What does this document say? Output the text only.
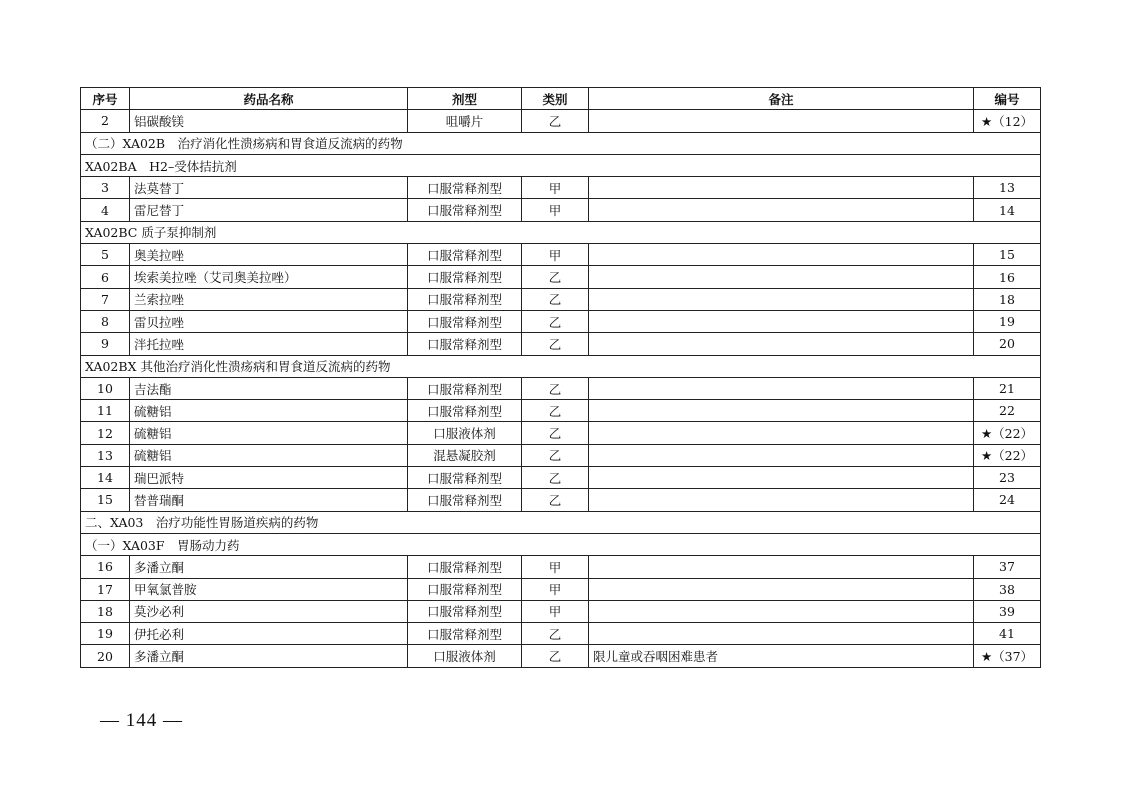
序号	药品名称	剂型	类别	备注	编号
2	铝碳酸镁	咀嚼片	乙		★（12）
（二）XA02B　治疗消化性溃疡病和胃食道反流病的药物					
XA02BA　H2–受体拮抗剂					
3	法莫替丁	口服常释剂型	甲		13
4	雷尼替丁	口服常释剂型	甲		14
XA02BC 质子泵抑制剂					
5	奥美拉唑	口服常释剂型	甲		15
6	埃索美拉唑（艾司奥美拉唑）	口服常释剂型	乙		16
7	兰索拉唑	口服常释剂型	乙		18
8	雷贝拉唑	口服常释剂型	乙		19
9	泮托拉唑	口服常释剂型	乙		20
XA02BX 其他治疗消化性溃疡病和胃食道反流病的药物					
10	吉法酯	口服常释剂型	乙		21
11	硫糖铝	口服常释剂型	乙		22
12	硫糖铝	口服液体剂	乙		★（22）
13	硫糖铝	混悬凝胶剂	乙		★（22）
14	瑞巴派特	口服常释剂型	乙		23
15	替普瑞酮	口服常释剂型	乙		24
二、XA03　治疗功能性胃肠道疾病的药物					
（一）XA03F　胃肠动力药					
16	多潘立酮	口服常释剂型	甲		37
17	甲氧氯普胺	口服常释剂型	甲		38
18	莫沙必利	口服常释剂型	甲		39
19	伊托必利	口服常释剂型	乙		41
20	多潘立酮	口服液体剂	乙	限儿童或吞咽困难患者	★（37）
— 144 —
